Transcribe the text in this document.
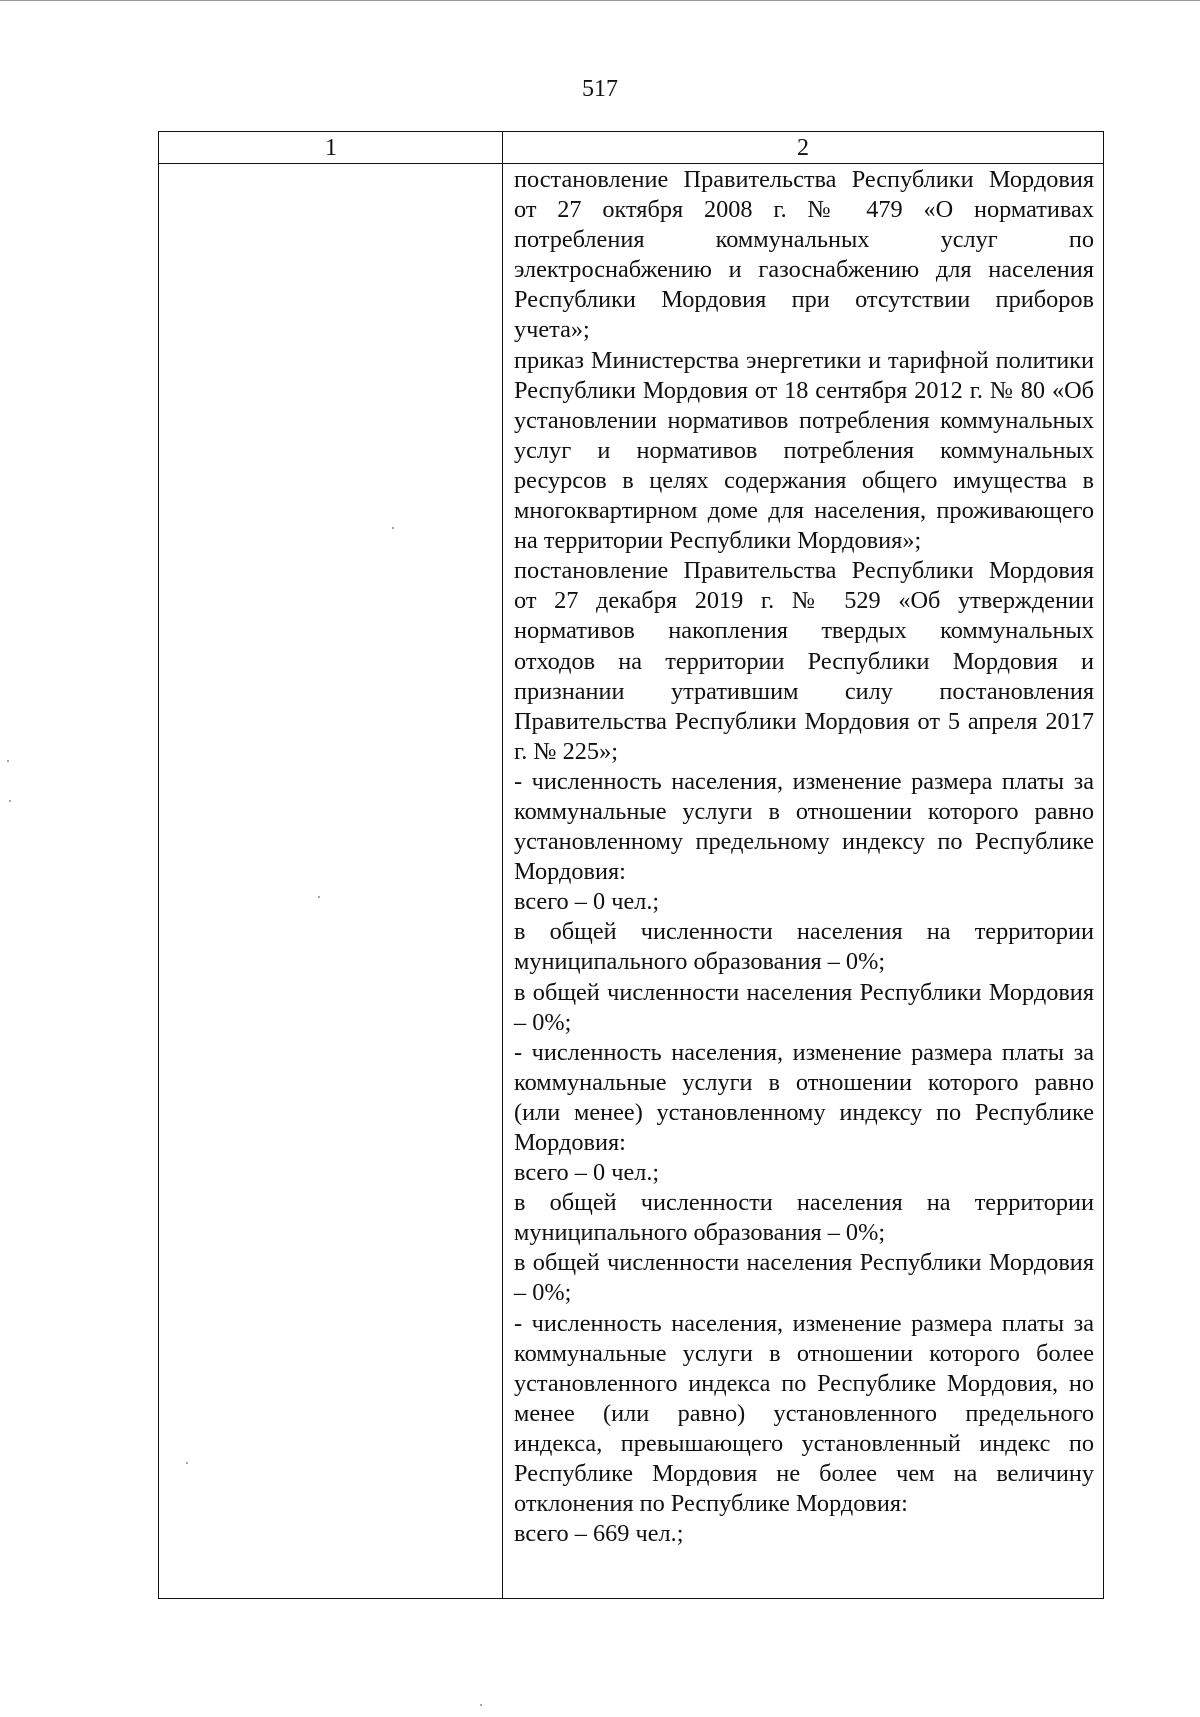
517
1	2

постановление Правительства Республики Мордовия от 27 октября 2008 г. № 479 «О нормативах потребления коммунальных услуг по электроснабжению и газоснабжению для населения Республики Мордовия при отсутствии приборов учета»;

приказ Министерства энергетики и тарифной политики Республики Мордовия от 18 сентября 2012 г. № 80 «Об установлении нормативов потребления коммунальных услуг и нормативов потребления коммунальных ресурсов в целях содержания общего имущества в многоквартирном доме для населения, проживающего на территории Республики Мордовия»;

постановление Правительства Республики Мордовия от 27 декабря 2019 г. № 529 «Об утверждении нормативов накопления твердых коммунальных отходов на территории Республики Мордовия и признании утратившим силу постановления Правительства Республики Мордовия от 5 апреля 2017 г. № 225»;

- численность населения, изменение размера платы за коммунальные услуги в отношении которого равно установленному предельному индексу по Республике Мордовия:

всего – 0 чел.;

в общей численности населения на территории муниципального образования – 0%;

в общей численности населения Республики Мордовия – 0%;

- численность населения, изменение размера платы за коммунальные услуги в отношении которого равно (или менее) установленному индексу по Республике Мордовия:

всего – 0 чел.;

в общей численности населения на территории муниципального образования – 0%;

в общей численности населения Республики Мордовия – 0%;

- численность населения, изменение размера платы за коммунальные услуги в отношении которого более установленного индекса по Республике Мордовия, но менее (или равно) установленного предельного индекса, превышающего установленный индекс по Республике Мордовия не более чем на величину отклонения по Республике Мордовия:

всего – 669 чел.;
